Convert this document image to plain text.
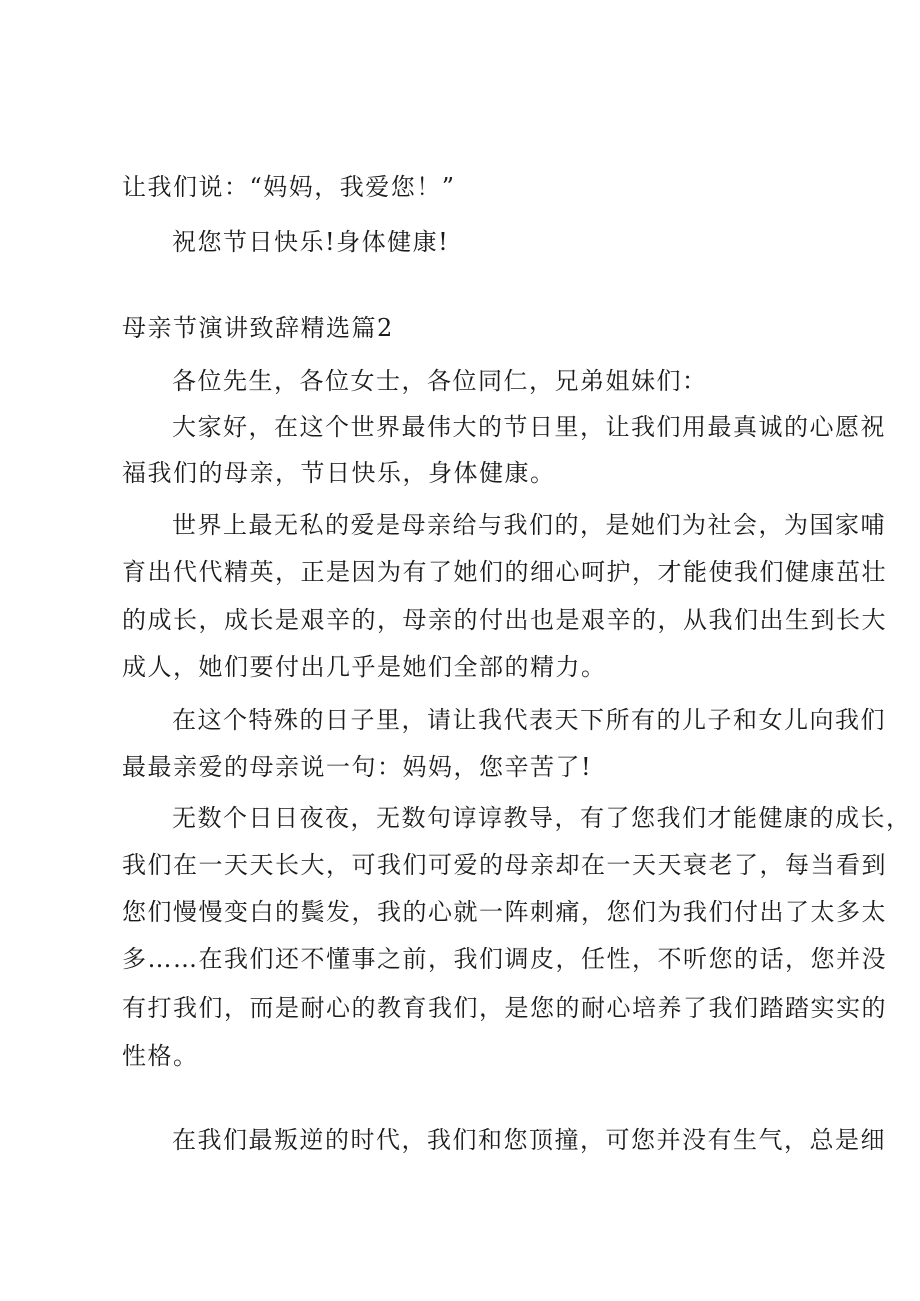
让我们说：“妈妈，我爱您！”
祝您节日快乐!身体健康!
母亲节演讲致辞精选篇2
各位先生，各位女士，各位同仁，兄弟姐妹们：
大家好，在这个世界最伟大的节日里，让我们用最真诚的心愿祝
福我们的母亲，节日快乐，身体健康。
世界上最无私的爱是母亲给与我们的，是她们为社会，为国家哺
育出代代精英，正是因为有了她们的细心呵护，才能使我们健康茁壮
的成长，成长是艰辛的，母亲的付出也是艰辛的，从我们出生到长大
成人，她们要付出几乎是她们全部的精力。
在这个特殊的日子里，请让我代表天下所有的儿子和女儿向我们
最最亲爱的母亲说一句：妈妈，您辛苦了!
无数个日日夜夜，无数句谆谆教导，有了您我们才能健康的成长，
我们在一天天长大，可我们可爱的母亲却在一天天衰老了，每当看到
您们慢慢变白的鬓发，我的心就一阵刺痛，您们为我们付出了太多太
多……在我们还不懂事之前，我们调皮，任性，不听您的话，您并没
有打我们，而是耐心的教育我们，是您的耐心培养了我们踏踏实实的
性格。
在我们最叛逆的时代，我们和您顶撞，可您并没有生气，总是细
